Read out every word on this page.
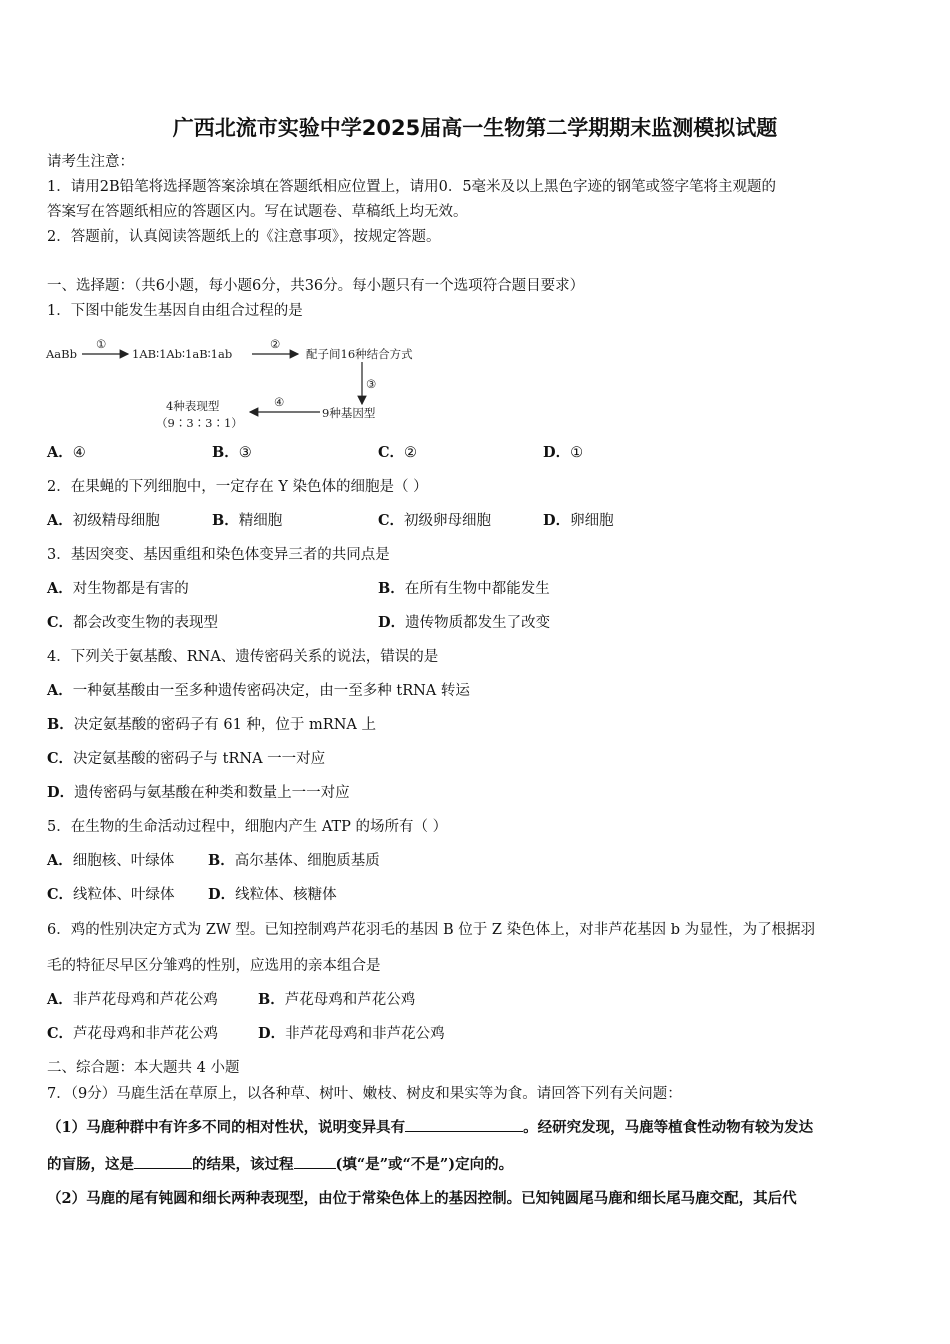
广西北流市实验中学2025届高一生物第二学期期末监测模拟试题
请考生注意：
1．请用2B铅笔将选择题答案涂填在答题纸相应位置上，请用0．5毫米及以上黑色字迹的钢笔或签字笔将主观题的
答案写在答题纸相应的答题区内。写在试题卷、草稿纸上均无效。
2．答题前，认真阅读答题纸上的《注意事项》，按规定答题。
一、选择题：（共6小题，每小题6分，共36分。每小题只有一个选项符合题目要求）
1．下图中能发生基因自由组合过程的是
AaBb
①
1AB∶1Ab∶1aB∶1ab
②
配子间16种结合方式
③
9种基因型
④
4种表现型
（9∶3∶3∶1）
A．④	B．③	C．②	D．①
2．在果蝇的下列细胞中，一定存在 Y 染色体的细胞是（ ）
A．初级精母细胞	B．精细胞	C．初级卵母细胞	D．卵细胞
3．基因突变、基因重组和染色体变异三者的共同点是
A．对生物都是有害的	B．在所有生物中都能发生
C．都会改变生物的表现型	D．遗传物质都发生了改变
4．下列关于氨基酸、RNA、遗传密码关系的说法，错误的是
A．一种氨基酸由一至多种遗传密码决定，由一至多种 tRNA 转运
B．决定氨基酸的密码子有 61 种，位于 mRNA 上
C．决定氨基酸的密码子与 tRNA 一一对应
D．遗传密码与氨基酸在种类和数量上一一对应
5．在生物的生命活动过程中，细胞内产生 ATP 的场所有（ ）
A．细胞核、叶绿体 B．高尔基体、细胞质基质
C．线粒体、叶绿体 D．线粒体、核糖体
6．鸡的性别决定方式为 ZW 型。已知控制鸡芦花羽毛的基因 B 位于 Z 染色体上，对非芦花基因 b 为显性，为了根据羽
毛的特征尽早区分雏鸡的性别，应选用的亲本组合是
A．非芦花母鸡和芦花公鸡	B．芦花母鸡和芦花公鸡
C．芦花母鸡和非芦花公鸡	D．非芦花母鸡和非芦花公鸡
二、综合题：本大题共 4 小题
7．（9分）马鹿生活在草原上，以各种草、树叶、嫩枝、树皮和果实等为食。请回答下列有关问题：
（1）马鹿种群中有许多不同的相对性状，说明变异具有	。经研究发现，马鹿等植食性动物有较为发达
的盲肠，这是	的结果，该过程	(填“是”或“不是”)定向的。
（2）马鹿的尾有钝圆和细长两种表现型，由位于常染色体上的基因控制。已知钝圆尾马鹿和细长尾马鹿交配，其后代
